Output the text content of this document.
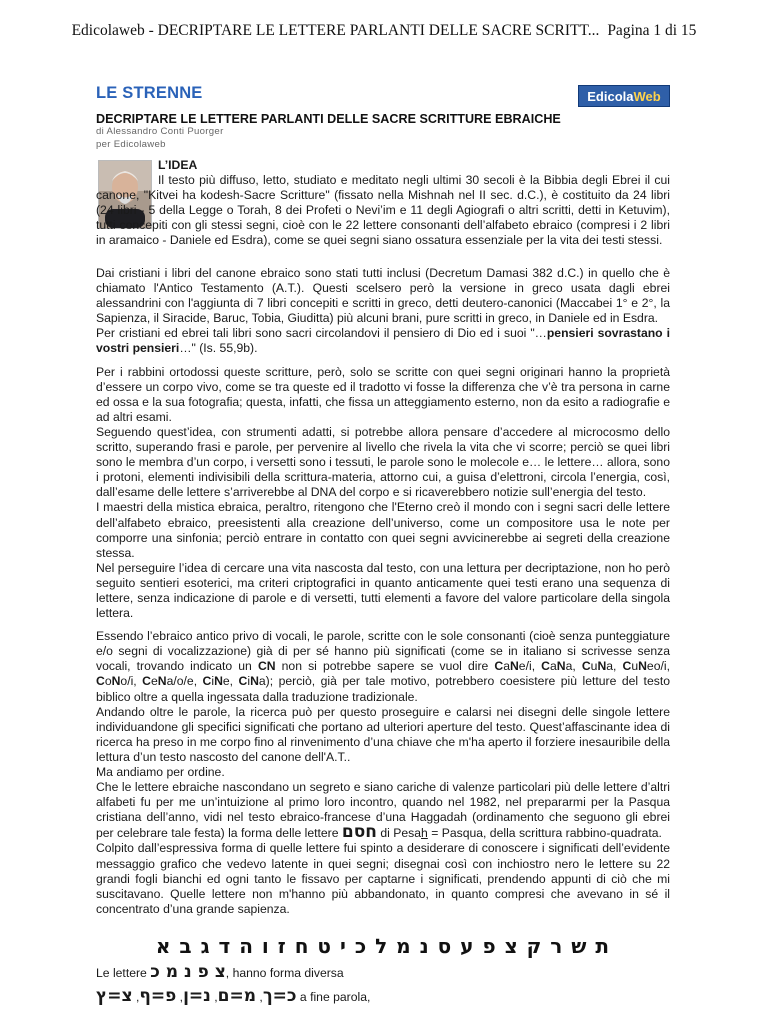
Edicolaweb - DECRIPTARE LE LETTERE PARLANTI DELLE SACRE SCRITT... Pagina 1 di 15
LE STRENNE	Edicola Web
DECRIPTARE LE LETTERE PARLANTI DELLE SACRE SCRITTURE EBRAICHE
di Alessandro Conti Puorger
per Edicolaweb

L’IDEA

Il testo più diffuso, letto, studiato e meditato negli ultimi 30 secoli è la Bibbia degli Ebrei il cui canone, "Kitvei ha kodesh-Sacre Scritture" (fissato nella Mishnah nel II sec. d.C.), è costituito da 24 libri (24 libri - 5 della Legge o Torah, 8 dei Profeti o Nevi’im e 11 degli Agiografi o altri scritti, detti in Ketuvim), tutti concepiti con gli stessi segni, cioè con le 22 lettere consonanti dell’alfabeto ebraico (compresi i 2 libri in aramaico - Daniele ed Esdra), come se quei segni siano ossatura essenziale per la vita dei testi stessi.

Dai cristiani i libri del canone ebraico sono stati tutti inclusi (Decretum Damasi 382 d.C.) in quello che è chiamato l'Antico Testamento (A.T.). Questi scelsero però la versione in greco usata dagli ebrei alessandrini con l'aggiunta di 7 libri concepiti e scritti in greco, detti deutero-canonici (Maccabei 1° e 2°, la Sapienza, il Siracide, Baruc, Tobia, Giuditta) più alcuni brani, pure scritti in greco, in Daniele ed in Esdra.

Per cristiani ed ebrei tali libri sono sacri circolandovi il pensiero di Dio ed i suoi "…pensieri sovrastano i vostri pensieri…" (Is. 55,9b).

Per i rabbini ortodossi queste scritture, però, solo se scritte con quei segni originari hanno la proprietà d’essere un corpo vivo, come se tra queste ed il tradotto vi fosse la differenza che v’è tra persona in carne ed ossa e la sua fotografia; questa, infatti, che fissa un atteggiamento esterno, non da esito a radiografie e ad altri esami.

Seguendo quest’idea, con strumenti adatti, si potrebbe allora pensare d’accedere al microcosmo dello scritto, superando frasi e parole, per pervenire al livello che rivela la vita che vi scorre; perciò se quei libri sono le membra d’un corpo, i versetti sono i tessuti, le parole sono le molecole e… le lettere… allora, sono i protoni, elementi indivisibili della scrittura-materia, attorno cui, a guisa d’elettroni, circola l’energia, così, dall’esame delle lettere s’arriverebbe al DNA del corpo e si ricaverebbero notizie sull’energia del testo.

I maestri della mistica ebraica, peraltro, ritengono che l'Eterno creò il mondo con i segni sacri delle lettere dell’alfabeto ebraico, preesistenti alla creazione dell’universo, come un compositore usa le note per comporre una sinfonia; perciò entrare in contatto con quei segni avvicinerebbe ai segreti della creazione stessa.

Nel perseguire l’idea di cercare una vita nascosta dal testo, con una lettura per decriptazione, non ho però seguito sentieri esoterici, ma criteri criptografici in quanto anticamente quei testi erano una sequenza di lettere, senza indicazione di parole e di versetti, tutti elementi a favore del valore particolare della singola lettera.

Essendo l’ebraico antico privo di vocali, le parole, scritte con le sole consonanti (cioè senza punteggiature e/o segni di vocalizzazione) già di per sé hanno più significati (come se in italiano si scrivesse senza vocali, trovando indicato un CN non si potrebbe sapere se vuol dire CaNe/i, CaNa, CuNa, CuNeo/i, CoNo/i, CeNa/o/e, CiNe, CiNa); perciò, già per tale motivo, potrebbero coesistere più letture del testo biblico oltre a quella ingessata dalla traduzione tradizionale.

Andando oltre le parole, la ricerca può per questo proseguire e calarsi nei disegni delle singole lettere individuandone gli specifici significati che portano ad ulteriori aperture del testo. Quest’affascinante idea di ricerca ha preso in me corpo fino al rinvenimento d’una chiave che m'ha aperto il forziere inesauribile della lettura d’un testo nascosto del canone dell'A.T..

Ma andiamo per ordine.

Che le lettere ebraiche nascondano un segreto e siano cariche di valenze particolari più delle lettere d’altri alfabeti fu per me un’intuizione al primo loro incontro, quando nel 1982, nel prepararmi per la Pasqua cristiana dell’anno, vidi nel testo ebraico-francese d’una Haggadah (ordinamento che seguono gli ebrei per celebrare tale festa) la forma delle lettere חסם di Pesah = Pasqua, della scrittura rabbino-quadrata.

Colpito dall’espressiva forma di quelle lettere fui spinto a desiderare di conoscere i significati dell’evidente messaggio grafico che vedevo latente in quei segni; disegnai così con inchiostro nero le lettere su 22 grandi fogli bianchi ed ogni tanto le fissavo per captarne i significati, prendendo appunti di ciò che mi suscitavano. Quelle lettere non m'hanno più abbandonato, in quanto compresi che avevano in sé il concentrato d’una grande sapienza.

ת ש ר ק צ פ ע ס נ מ ל כ י ט ח ז ו ה ד ג ב א
Le lettere צ פ נ מ כ, hanno forma diversa
כ=ך, מ=ם, נ=ן, פ=ף, צ=ץ	a fine parola,
